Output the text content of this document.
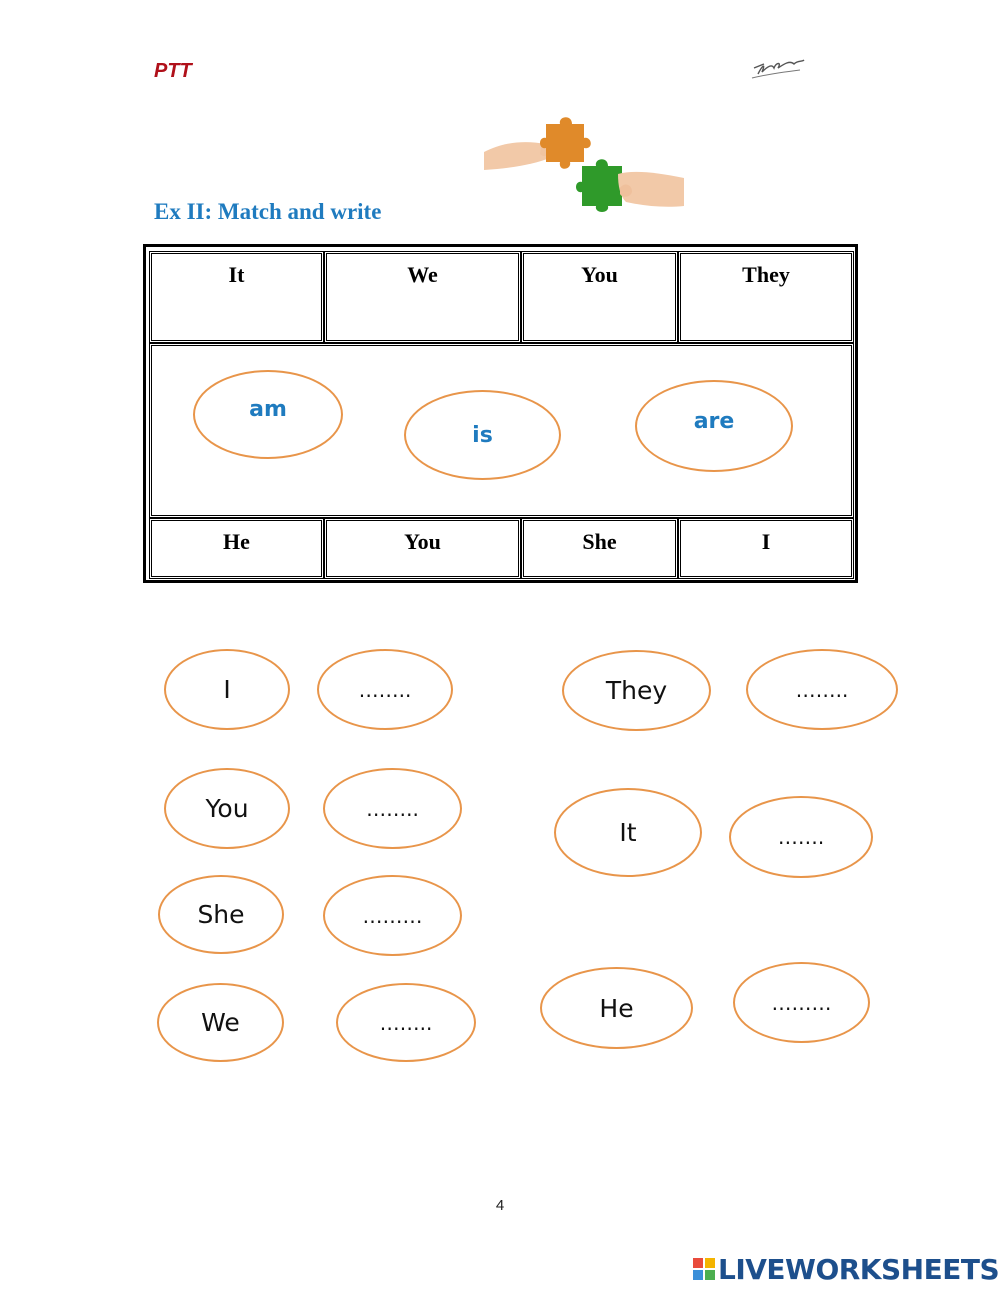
PTT
Ex II: Match and write
It	We	You	They
am
is
are
He	You	She	I
I	……..	They	……..
You	……..
It	…….
She	………
We	……..	He	………
4
LIVEWORKSHEETS
